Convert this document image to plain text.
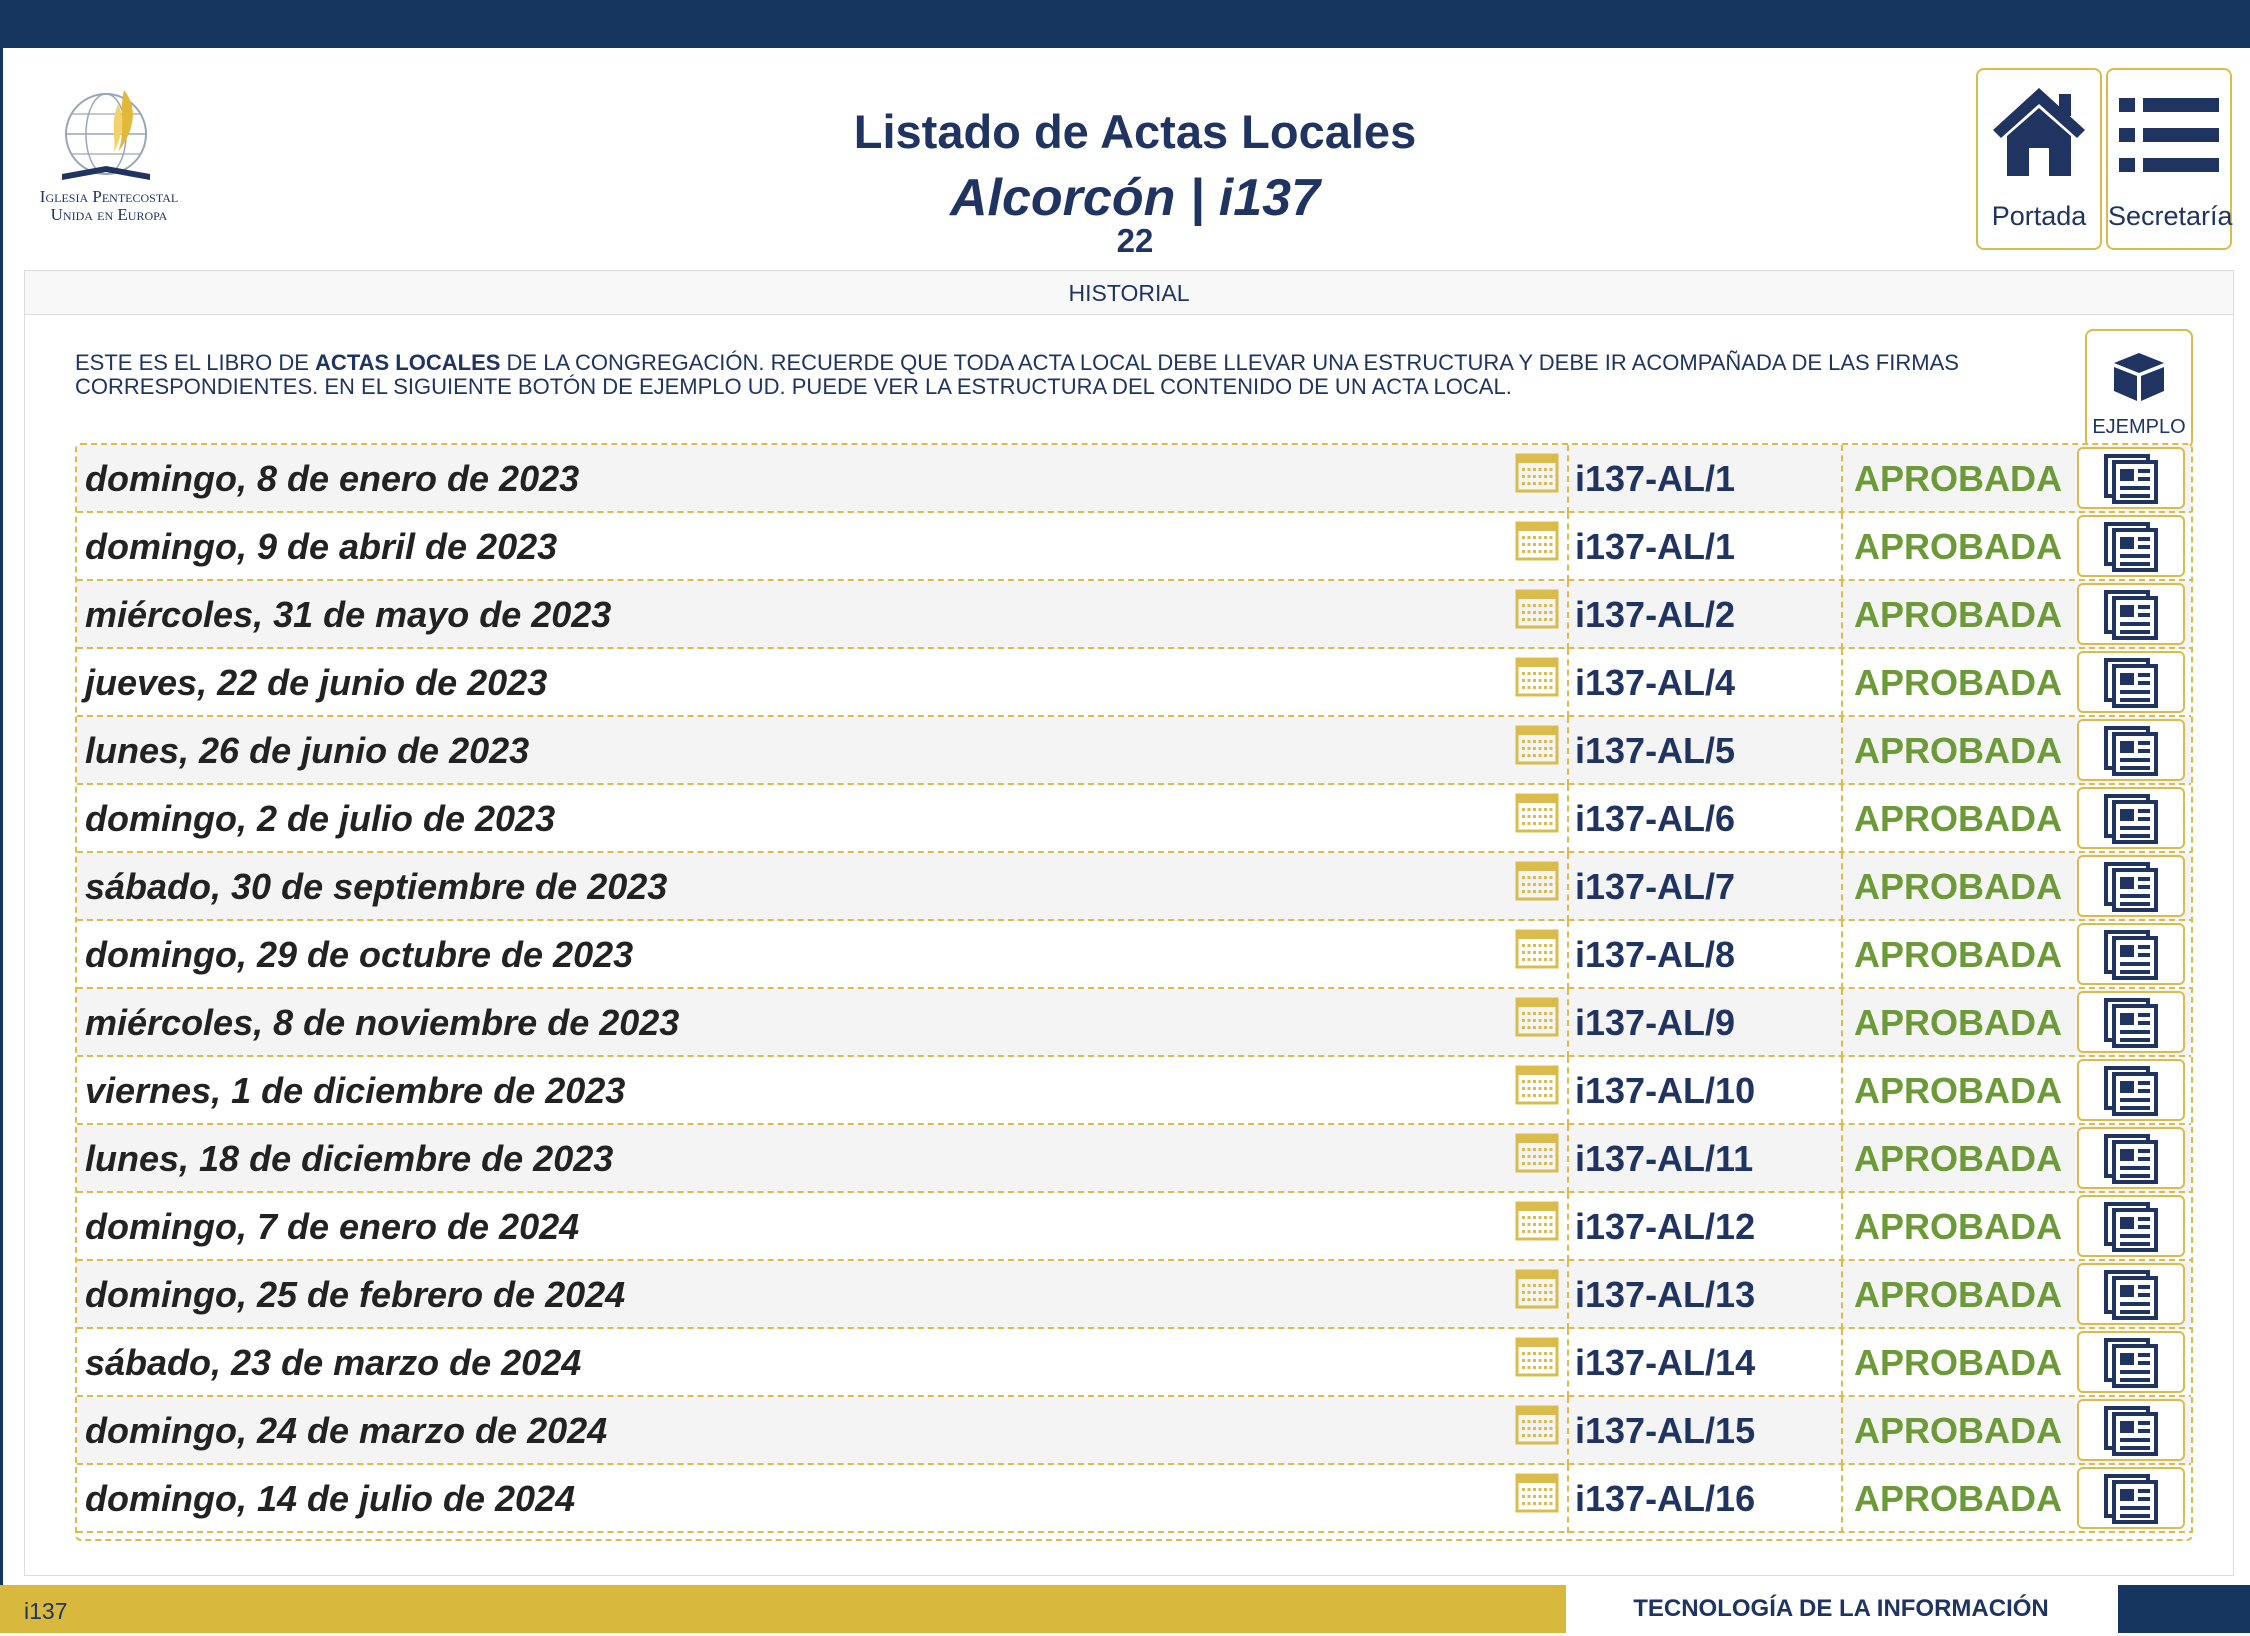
Iglesia Pentecostal
Unida en Europa
Listado de Actas Locales
Alcorcón | i137
22
Portada Secretaría
HISTORIAL
ESTE ES EL LIBRO DE ACTAS LOCALES DE LA CONGREGACIÓN. RECUERDE QUE TODA ACTA LOCAL DEBE LLEVAR UNA ESTRUCTURA Y DEBE IR ACOMPAÑADA DE LAS FIRMAS CORRESPONDIENTES. EN EL SIGUIENTE BOTÓN DE EJEMPLO UD. PUEDE VER LA ESTRUCTURA DEL CONTENIDO DE UN ACTA LOCAL.
EJEMPLO
domingo, 8 de enero de 2023	i137-AL/1	APROBADA
domingo, 9 de abril de 2023	i137-AL/1	APROBADA
miércoles, 31 de mayo de 2023	i137-AL/2	APROBADA
jueves, 22 de junio de 2023	i137-AL/4	APROBADA
lunes, 26 de junio de 2023	i137-AL/5	APROBADA
domingo, 2 de julio de 2023	i137-AL/6	APROBADA
sábado, 30 de septiembre de 2023	i137-AL/7	APROBADA
domingo, 29 de octubre de 2023	i137-AL/8	APROBADA
miércoles, 8 de noviembre de 2023	i137-AL/9	APROBADA
viernes, 1 de diciembre de 2023	i137-AL/10	APROBADA
lunes, 18 de diciembre de 2023	i137-AL/11	APROBADA
domingo, 7 de enero de 2024	i137-AL/12	APROBADA
domingo, 25 de febrero de 2024	i137-AL/13	APROBADA
sábado, 23 de marzo de 2024	i137-AL/14	APROBADA
domingo, 24 de marzo de 2024	i137-AL/15	APROBADA
domingo, 14 de julio de 2024	i137-AL/16	APROBADA
i137	TECNOLOGÍA DE LA INFORMACIÓN
